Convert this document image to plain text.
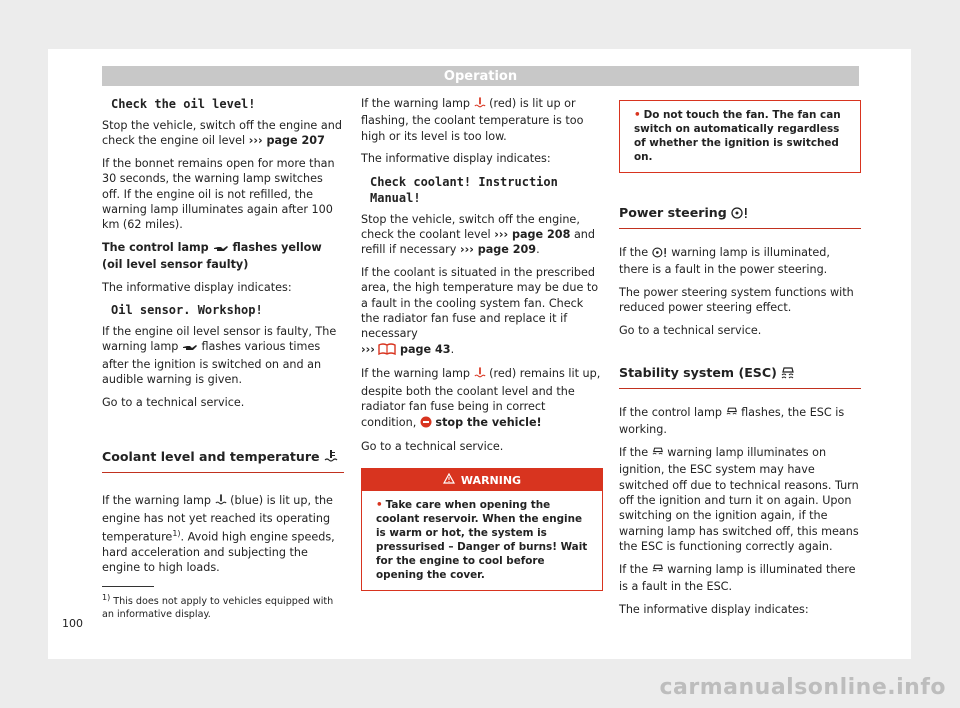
Operation

Check the oil level!

Stop the vehicle, switch off the engine and check the engine oil level ››› page 207

If the bonnet remains open for more than 30 seconds, the warning lamp switches off. If the engine oil is not refilled, the warning lamp illuminates again after 100 km (62 miles).

The control lamp flashes yellow (oil level sensor faulty)

The informative display indicates:

Oil sensor. Workshop!

If the engine oil level sensor is faulty, The warning lamp flashes various times after the ignition is switched on and an audible warning is given.

Go to a technical service.

Coolant level and temperature

If the warning lamp (blue) is lit up, the engine has not yet reached its operating temperature$^{1)}$. Avoid high engine speeds, hard acceleration and subjecting the engine to high loads.

If the warning lamp (red) is lit up or flashing, the coolant temperature is too high or its level is too low.

The informative display indicates:

Check coolant! Instruction Manual!

Stop the vehicle, switch off the engine, check the coolant level ››› page 208 and refill if necessary ››› page 209.

If the coolant is situated in the prescribed area, the high temperature may be due to a fault in the cooling system fan. Check the radiator fan fuse and replace it if necessary
››› page 43.

If the warning lamp (red) remains lit up, despite both the coolant level and the radiator fan fuse being in correct condition, stop the vehicle!

Go to a technical service.

WARNING
• Take care when opening the coolant reservoir. When the engine is warm or hot, the system is pressurised – Danger of burns! Wait for the engine to cool before opening the cover.
• Do not touch the fan. The fan can switch on automatically regardless of whether the ignition is switched on.
Power steering

If the warning lamp is illuminated, there is a fault in the power steering.

The power steering system functions with reduced power steering effect.

Go to a technical service.

Stability system (ESC)

If the control lamp flashes, the ESC is working.

If the warning lamp illuminates on ignition, the ESC system may have switched off due to technical reasons. Turn off the ignition and turn it on again. Upon switching on the ignition again, if the warning lamp has switched off, this means the ESC is functioning correctly again.

If the warning lamp is illuminated there is a fault in the ESC.

The informative display indicates:

$^{1)}$ This does not apply to vehicles equipped with an informative display.
100
carmanualsonline.info
